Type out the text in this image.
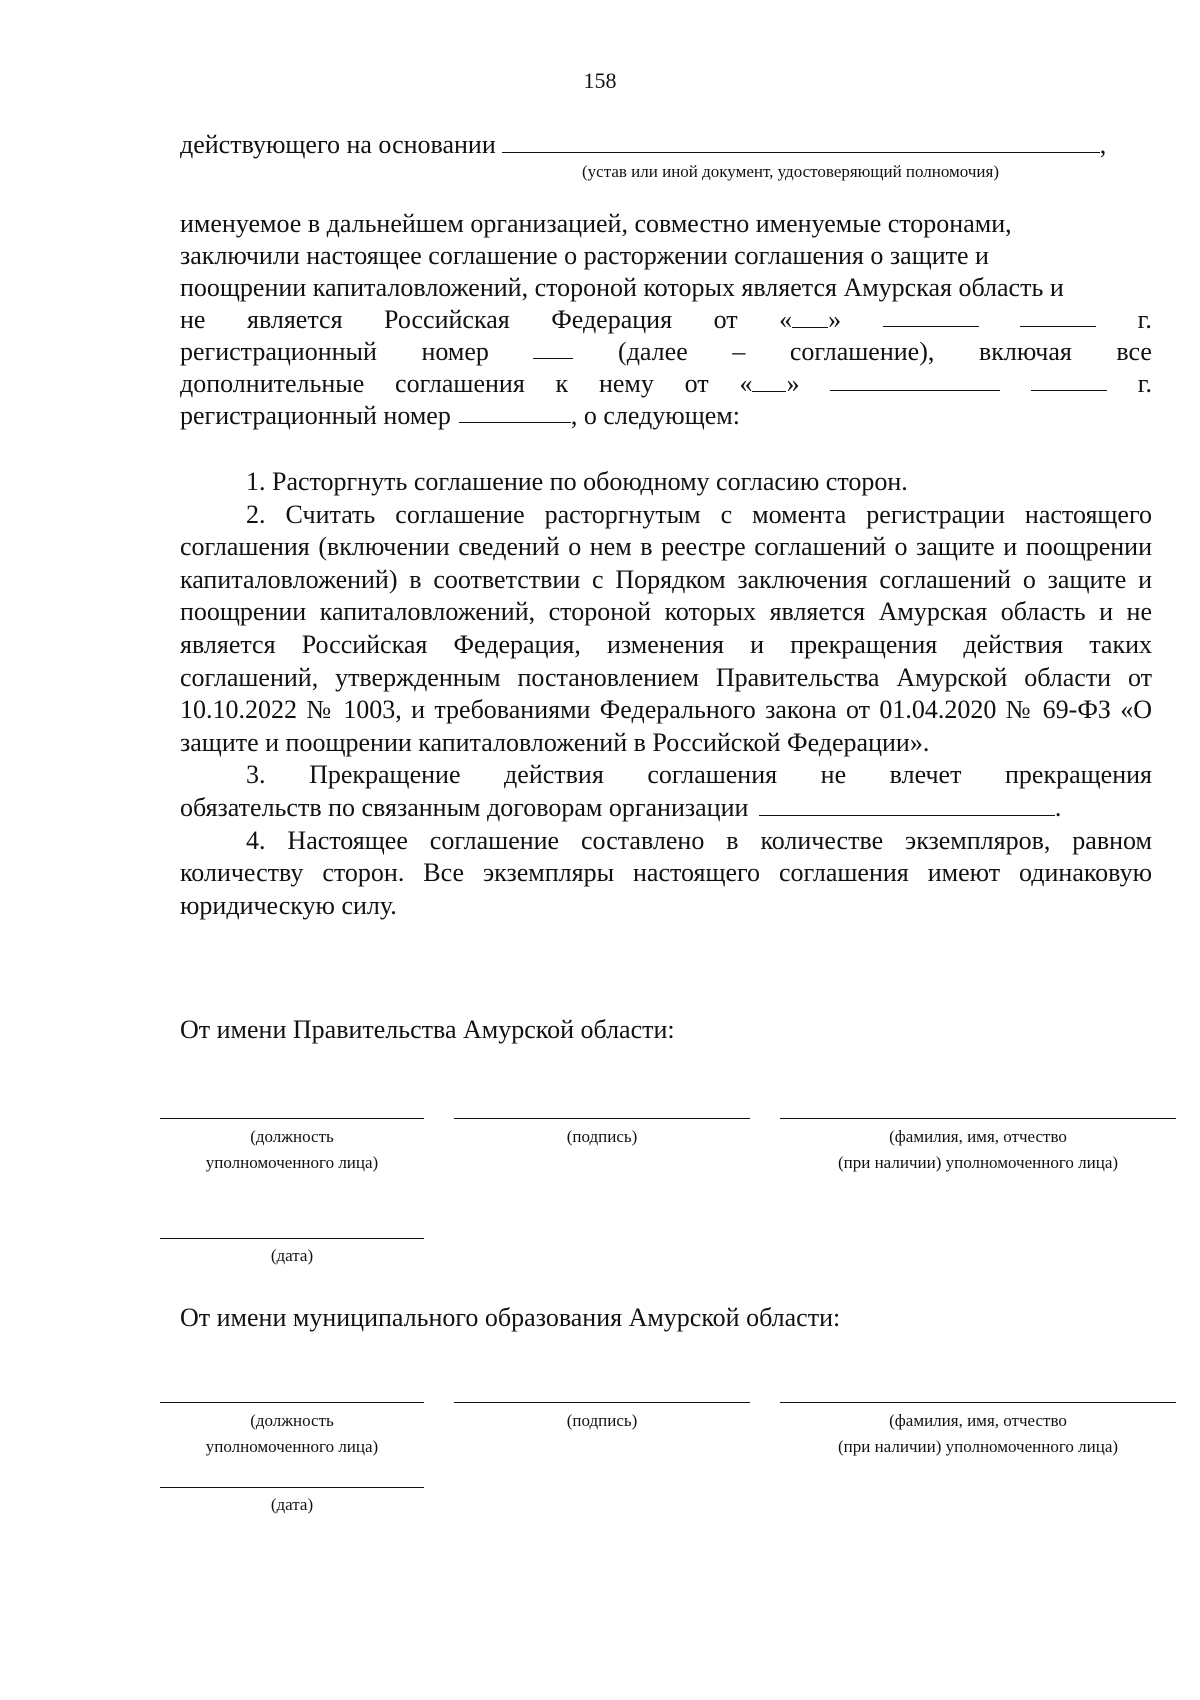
158
действующего на основании	,
(устав или иной документ, удостоверяющий полномочия)
именуемое в дальнейшем организацией, совместно именуемые сторонами,
заключили настоящее соглашение о расторжении соглашения о защите и
поощрении капиталовложений, стороной которых является Амурская область и
не является Российская Федерация от « »	г.
регистрационный номер	(далее – соглашение), включая все
дополнительные соглашения к нему от « »	г.
регистрационный номер	, о следующем:

1. Расторгнуть соглашение по обоюдному согласию сторон.

2. Считать соглашение расторгнутым с момента регистрации настоящего соглашения (включении сведений о нем в реестре соглашений о защите и поощрении капиталовложений) в соответствии с Порядком заключения соглашений о защите и поощрении капиталовложений, стороной которых является Амурская область и не является Российская Федерация, изменения и прекращения действия таких соглашений, утвержденным постановлением Правительства Амурской области от 10.10.2022 № 1003, и требованиями Федерального закона от 01.04.2020 № 69-ФЗ «О защите и поощрении капиталовложений в Российской Федерации».

3. Прекращение действия соглашения не влечет прекращения

обязательств по связанным договорам организации	.

4. Настоящее соглашение составлено в количестве экземпляров, равном количеству сторон. Все экземпляры настоящего соглашения имеют одинаковую юридическую силу.

От имени Правительства Амурской области:
(должность
уполномоченного лица)
(подпись)	(фамилия, имя, отчество
(при наличии) уполномоченного лица)
(дата)
От имени муниципального образования Амурской области:
(должность
уполномоченного лица)
(подпись)	(фамилия, имя, отчество
(при наличии) уполномоченного лица)
(дата)
